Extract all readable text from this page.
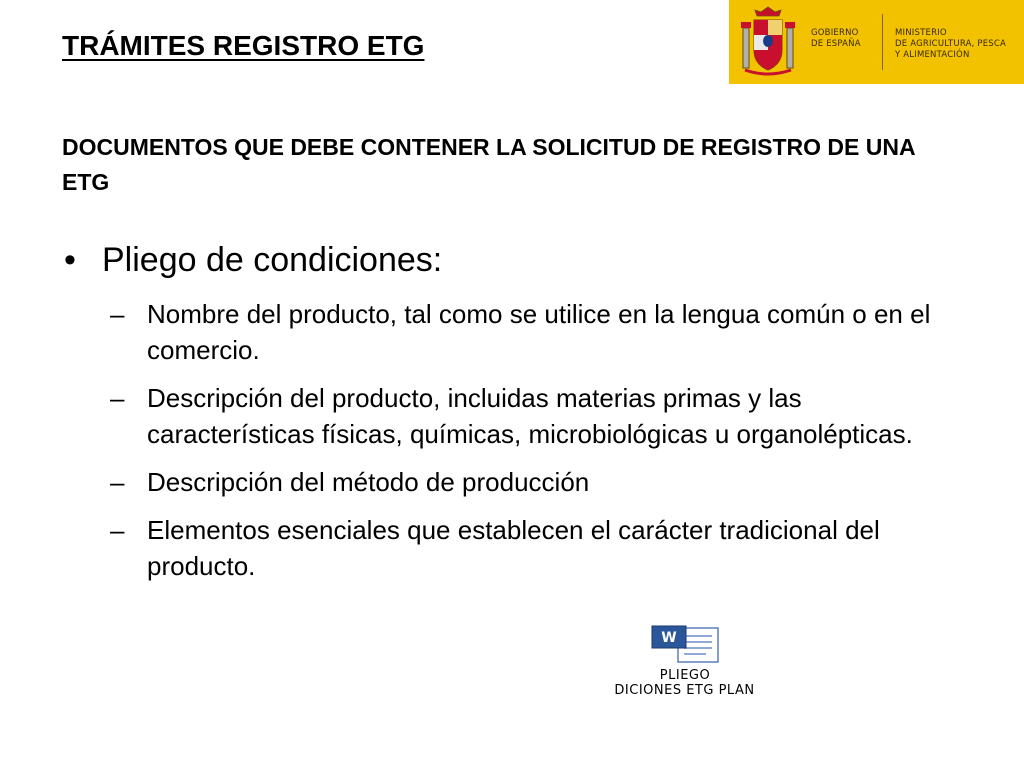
GOBIERNO
DE ESPAÑA
MINISTERIO
DE AGRICULTURA, PESCA
Y ALIMENTACIÓN
TRÁMITES REGISTRO ETG
DOCUMENTOS QUE DEBE CONTENER LA SOLICITUD DE REGISTRO DE UNA ETG
• Pliego de condiciones:
– Nombre del producto, tal como se utilice en la lengua común o en el comercio.
– Descripción del producto, incluidas materias primas y las características físicas, químicas, microbiológicas u organolépticas.
– Descripción del método de producción
– Elementos esenciales que establecen el carácter tradicional del producto.
W
PLIEGO
DICIONES ETG PLAN
